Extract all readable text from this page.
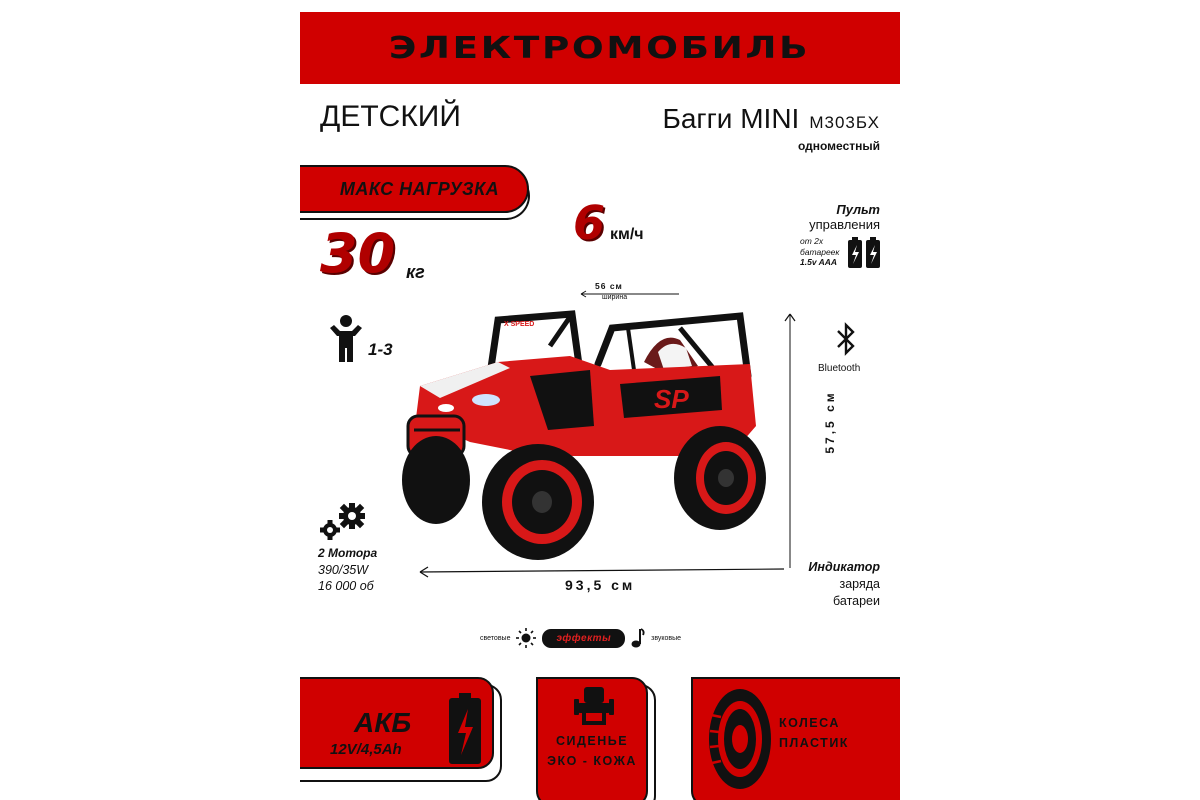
ЭЛЕКТРОМОБИЛЬ
ДЕТСКИЙ	Багги MINI M303БХ
одноместный
МАКС НАГРУЗКА
30 кг
6 км/ч
Пульт
управления
от 2х
батареек
1.5v AAA
56 см
ширина
1-3
Bluetooth
SP
X SPEED
57,5 см
2 Мотора
390/35W
16 000 об	93,5 см
Индикатор
заряда
батареи
световые	эффекты	звуковые
АКБ
12V/4,5Ah	СИДЕНЬЕ
ЭКО - КОЖА
КОЛЕСА
ПЛАСТИК
